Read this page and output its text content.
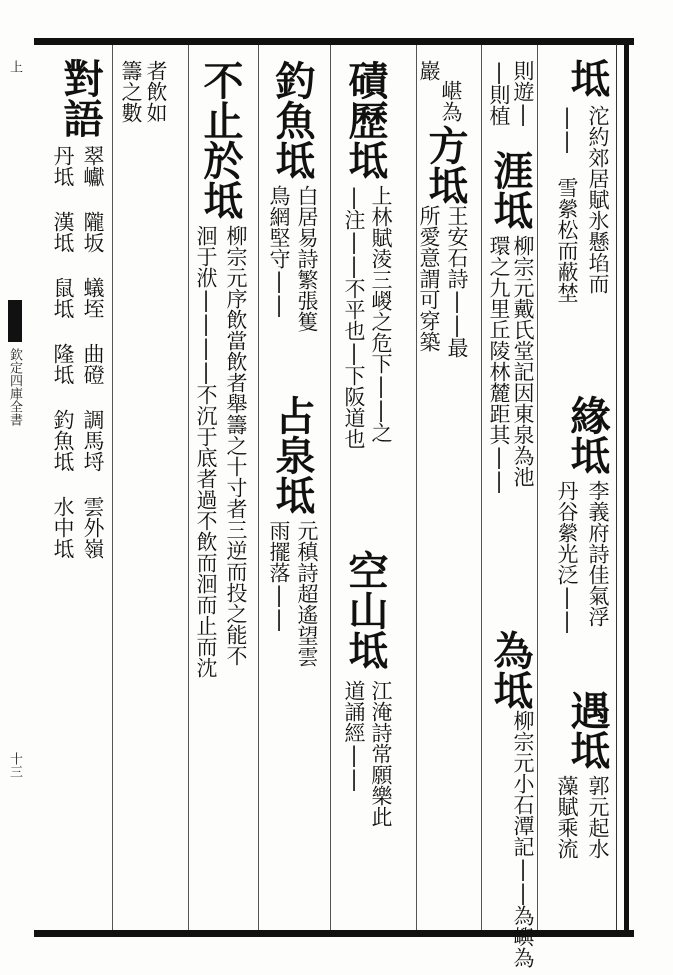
上
欽定四庫全書
十三
坻
沱約郊居賦氷懸埳而
|| 雪縈松而蔽埜
緣坻
李義府詩佳氣浮
丹谷縈光泛||
遇坻
郭元起水
藻賦乘流
則遊|
|則植
涯坻
柳宗元戴氏堂記因東泉為池
環之九里丘陵林麓距其||
為坻
柳宗元小石潭記||為嶼為
巖
嵁為
方坻
王安石詩||最
所愛意謂可穿築
磧歷坻
上林賦淩三嵕之危下||之
|注||不平也|下阪道也
空山坻
江淹詩常願樂此
道誦經||
釣魚坻
白居易詩繁張篗
鳥網堅守||
占泉坻
元稹詩超遙望雲
雨擺落||
不止於坻
柳宗元序飲當飲者舉籌之十寸者三逆而投之能不
洄于洑||||不沉于底者過不飲而洄而止而沈
者飲如
籌之數
對語
翠巘 隴坂 蟻垤 曲磴 調馬埒 雲外嶺
丹坻 漢坻 鼠坻 隆坻 釣魚坻 水中坻
